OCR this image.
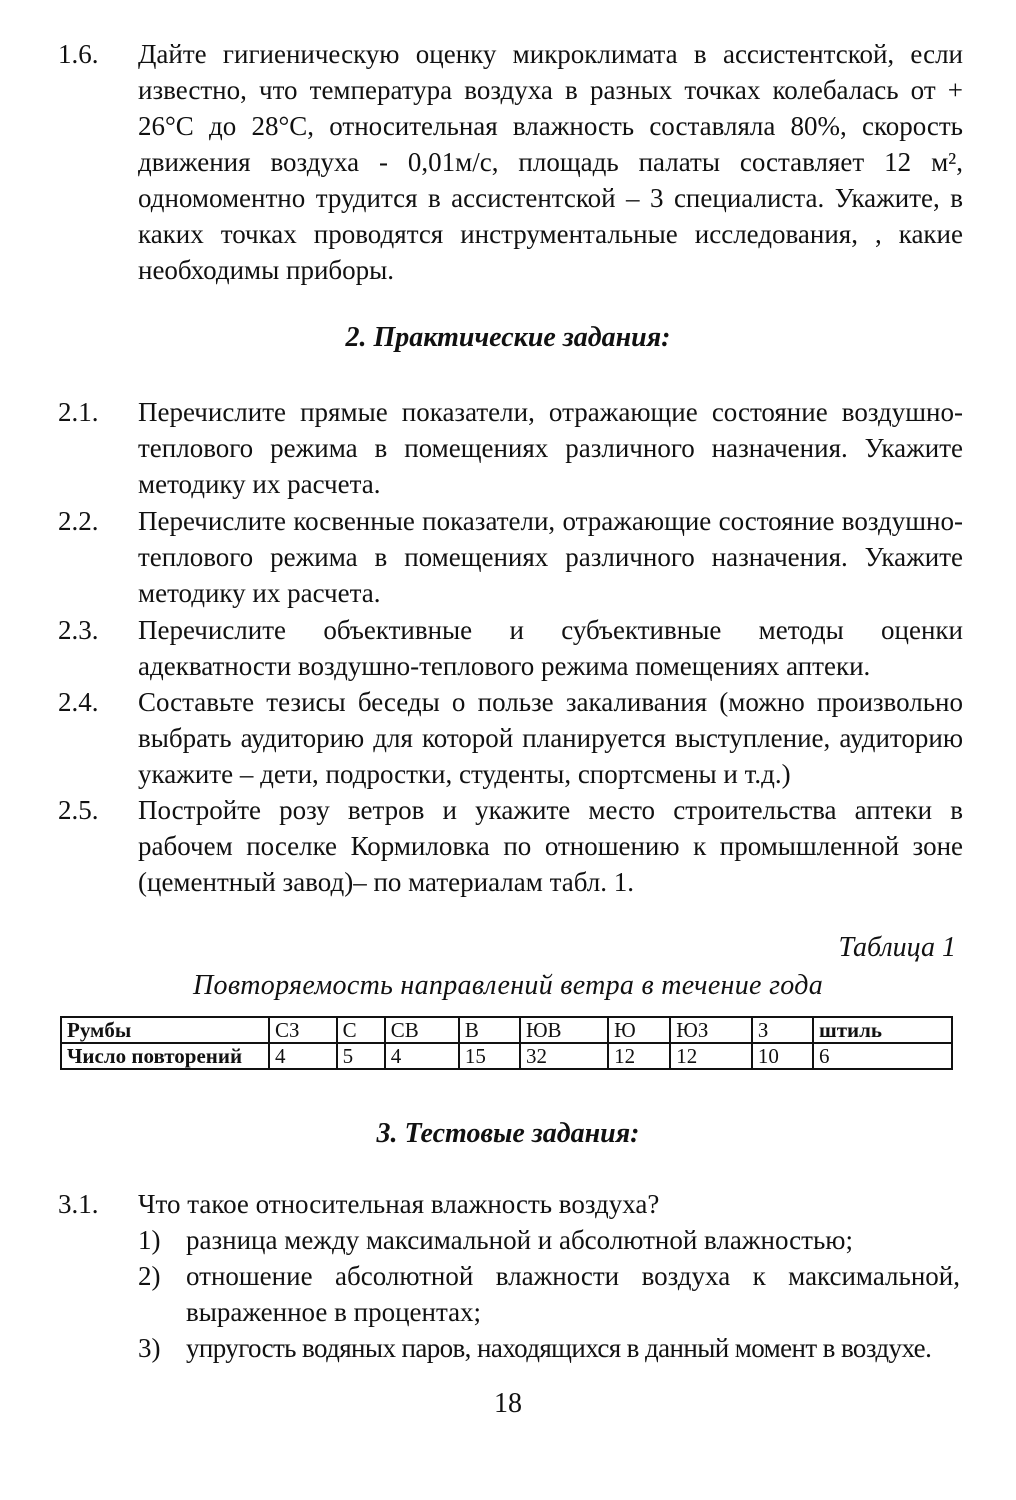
1.6.	Дайте гигиеническую оценку микроклимата в ассистентской, если известно, что температура воздуха в разных точках колебалась от + 26°С до 28°С, относительная влажность составляла 80%, скорость движения воздуха - 0,01м/с, площадь палаты составляет 12 м², одномоментно трудится в ассистентской – 3 специалиста. Укажите, в каких точках проводятся инструментальные исследования, , какие необходимы приборы.
2. Практические задания:
2.1.	Перечислите прямые показатели, отражающие состояние воздушно-теплового режима в помещениях различного назначения. Укажите методику их расчета.
2.2.	Перечислите косвенные показатели, отражающие состояние воздушно-теплового режима в помещениях различного назначения. Укажите методику их расчета.
2.3.	Перечислите объективные и субъективные методы оценки адекватности воздушно-теплового режима помещениях аптеки.
2.4.	Составьте тезисы беседы о пользе закаливания (можно произвольно выбрать аудиторию для которой планируется выступление, аудиторию укажите – дети, подростки, студенты, спортсмены и т.д.)
2.5.	Постройте розу ветров и укажите место строительства аптеки в рабочем поселке Кормиловка по отношению к промышленной зоне (цементный завод)– по материалам табл. 1.
Таблица 1
Повторяемость направлений ветра в течение года
Румбы	СЗ	С	СВ	В	ЮВ	Ю	ЮЗ	З	штиль
Число повторений	4	5	4	15	32	12	12	10	6
3. Тестовые задания:
3.1.	Что такое относительная влажность воздуха?
1) разница между максимальной и абсолютной влажностью;
2) отношение абсолютной влажности воздуха к максимальной, выраженное в процентах;
3) упругость водяных паров, находящихся в данный момент в воздухе.
18
